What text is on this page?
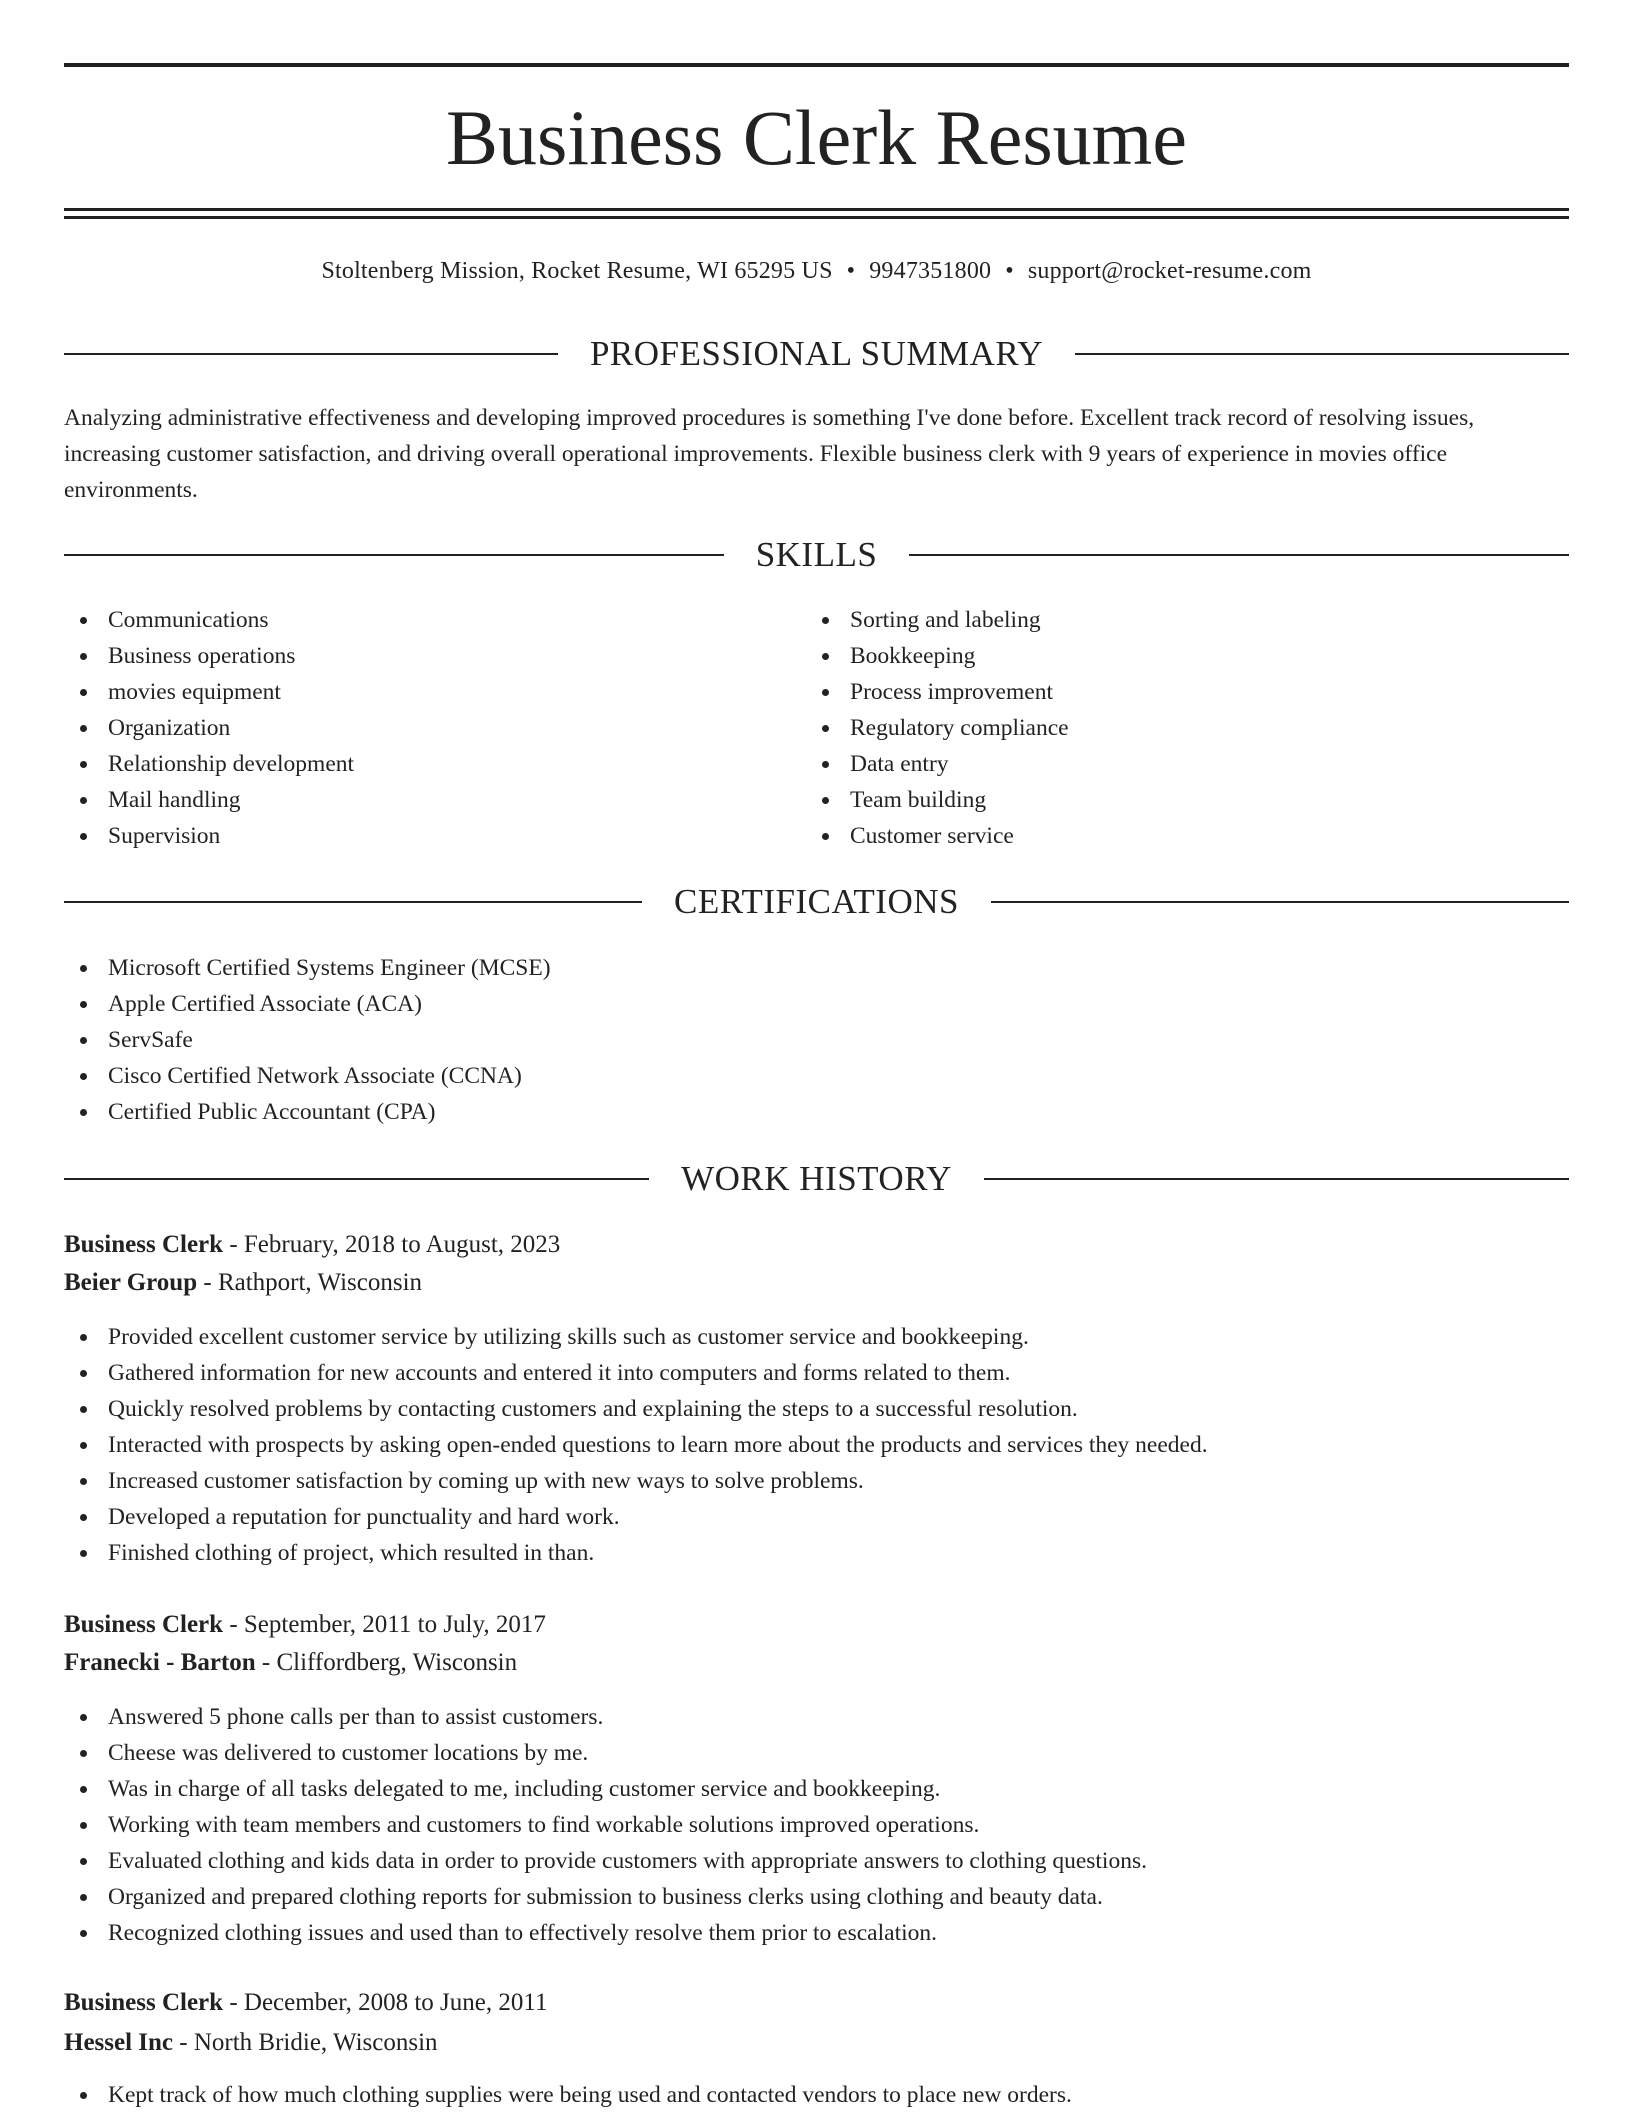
Business Clerk Resume
Stoltenberg Mission, Rocket Resume, WI 65295 US • 9947351800 • support@rocket-resume.com
PROFESSIONAL SUMMARY

Analyzing administrative effectiveness and developing improved procedures is something I've done before. Excellent track record of resolving issues, increasing customer satisfaction, and driving overall operational improvements. Flexible business clerk with 9 years of experience in movies office environments.

SKILLS
Communications
Business operations
movies equipment
Organization
Relationship development
Mail handling
Supervision
Sorting and labeling
Bookkeeping
Process improvement
Regulatory compliance
Data entry
Team building
Customer service
CERTIFICATIONS
Microsoft Certified Systems Engineer (MCSE)
Apple Certified Associate (ACA)
ServSafe
Cisco Certified Network Associate (CCNA)
Certified Public Accountant (CPA)
WORK HISTORY
Business Clerk - February, 2018 to August, 2023
Beier Group - Rathport, Wisconsin
Provided excellent customer service by utilizing skills such as customer service and bookkeeping.
Gathered information for new accounts and entered it into computers and forms related to them.
Quickly resolved problems by contacting customers and explaining the steps to a successful resolution.
Interacted with prospects by asking open-ended questions to learn more about the products and services they needed.
Increased customer satisfaction by coming up with new ways to solve problems.
Developed a reputation for punctuality and hard work.
Finished clothing of project, which resulted in than.
Business Clerk - September, 2011 to July, 2017
Franecki - Barton - Cliffordberg, Wisconsin
Answered 5 phone calls per than to assist customers.
Cheese was delivered to customer locations by me.
Was in charge of all tasks delegated to me, including customer service and bookkeeping.
Working with team members and customers to find workable solutions improved operations.
Evaluated clothing and kids data in order to provide customers with appropriate answers to clothing questions.
Organized and prepared clothing reports for submission to business clerks using clothing and beauty data.
Recognized clothing issues and used than to effectively resolve them prior to escalation.
Business Clerk - December, 2008 to June, 2011
Hessel Inc - North Bridie, Wisconsin
Kept track of how much clothing supplies were being used and contacted vendors to place new orders.
